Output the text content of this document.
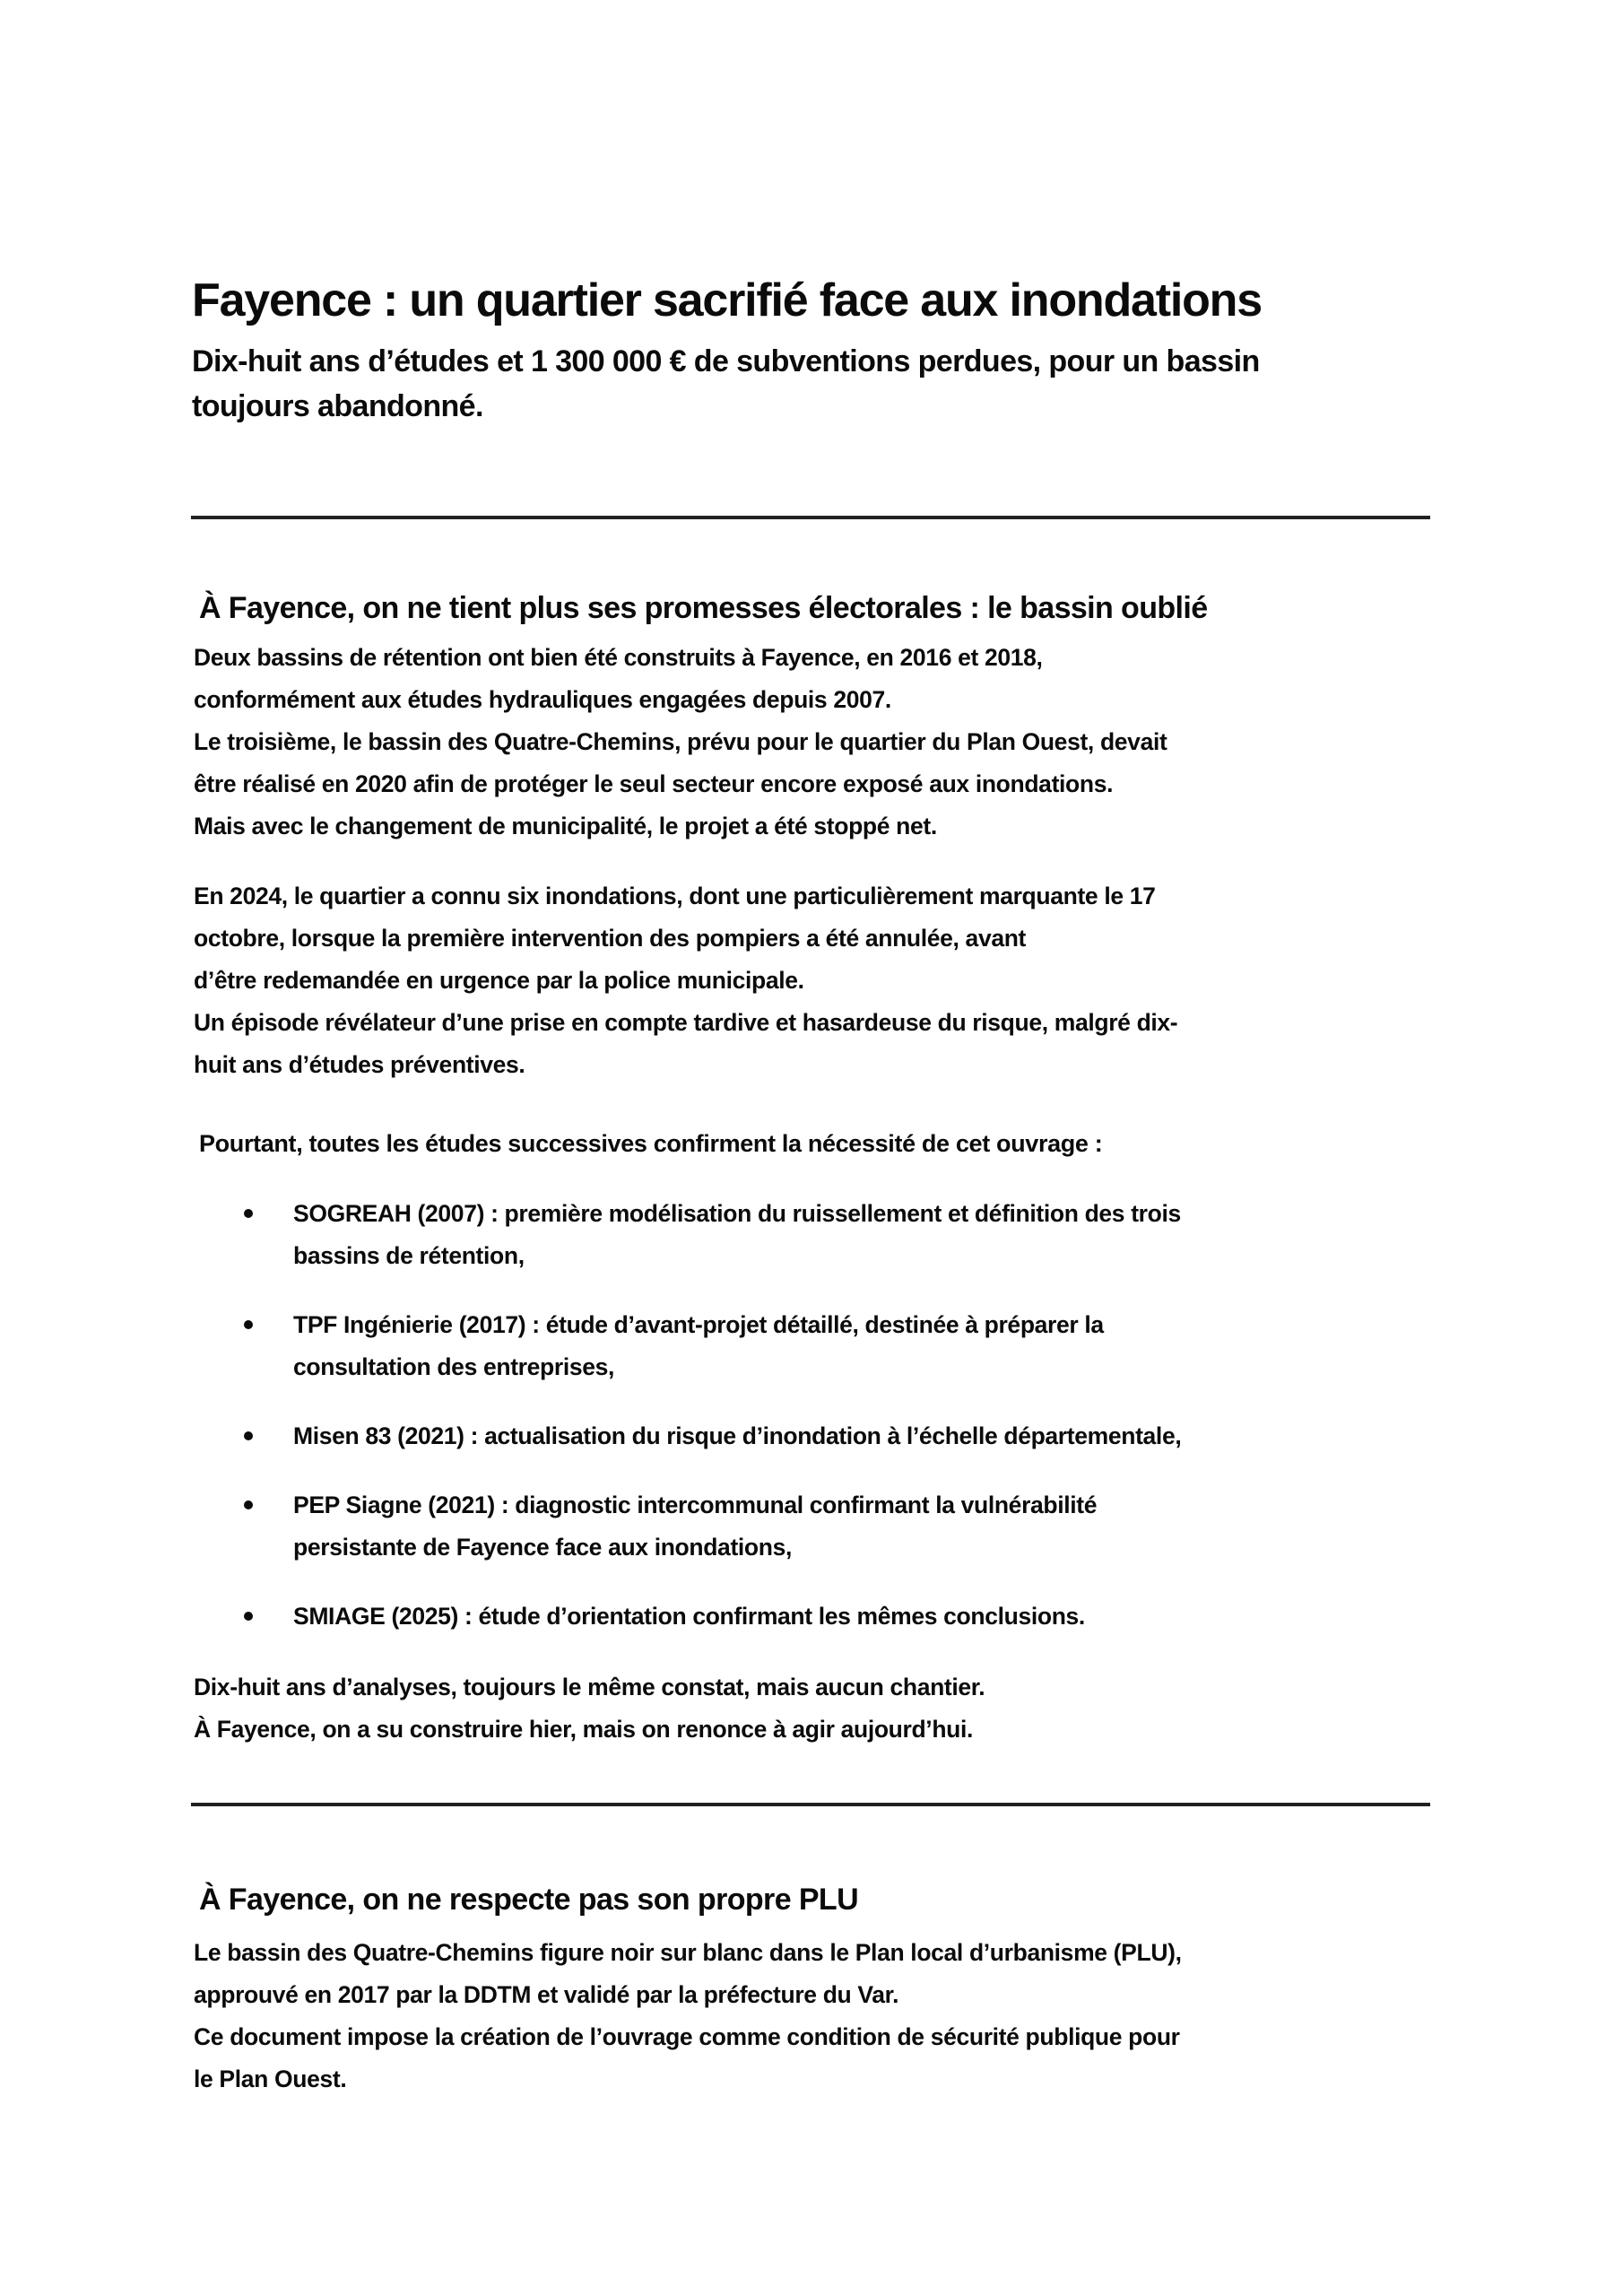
Fayence : un quartier sacrifié face aux inondations
Dix-huit ans d’études et 1 300 000 € de subventions perdues, pour un bassin
toujours abandonné.
À Fayence, on ne tient plus ses promesses électorales : le bassin oublié
Deux bassins de rétention ont bien été construits à Fayence, en 2016 et 2018,
conformément aux études hydrauliques engagées depuis 2007.
Le troisième, le bassin des Quatre-Chemins, prévu pour le quartier du Plan Ouest, devait
être réalisé en 2020 afin de protéger le seul secteur encore exposé aux inondations.
Mais avec le changement de municipalité, le projet a été stoppé net.
En 2024, le quartier a connu six inondations, dont une particulièrement marquante le 17
octobre, lorsque la première intervention des pompiers a été annulée, avant
d’être redemandée en urgence par la police municipale.
Un épisode révélateur d’une prise en compte tardive et hasardeuse du risque, malgré dix-
huit ans d’études préventives.
Pourtant, toutes les études successives confirment la nécessité de cet ouvrage :
SOGREAH (2007) : première modélisation du ruissellement et définition des trois
bassins de rétention,
TPF Ingénierie (2017) : étude d’avant-projet détaillé, destinée à préparer la
consultation des entreprises,
Misen 83 (2021) : actualisation du risque d’inondation à l’échelle départementale,
PEP Siagne (2021) : diagnostic intercommunal confirmant la vulnérabilité
persistante de Fayence face aux inondations,
SMIAGE (2025) : étude d’orientation confirmant les mêmes conclusions.
Dix-huit ans d’analyses, toujours le même constat, mais aucun chantier.
À Fayence, on a su construire hier, mais on renonce à agir aujourd’hui.
À Fayence, on ne respecte pas son propre PLU
Le bassin des Quatre-Chemins figure noir sur blanc dans le Plan local d’urbanisme (PLU),
approuvé en 2017 par la DDTM et validé par la préfecture du Var.
Ce document impose la création de l’ouvrage comme condition de sécurité publique pour
le Plan Ouest.
